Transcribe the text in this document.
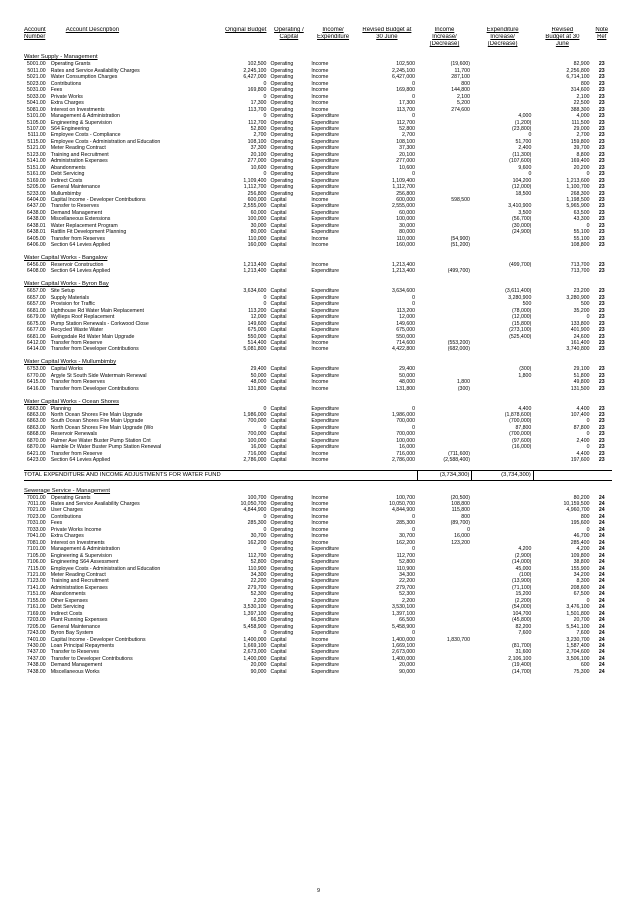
Account	Account Description	Original Budget	Operating /	Income/	Revised Budget at	Income	Expenditure	Revised	Note
Number			Capital	Expenditure	30 June	Increase/	Increase/	Budget at 30	Ref
						(Decrease)	(Decrease)	June	

Water Supply - Management									
5001.00	Operating Grants	102,500	Operating	Income	102,500	(19,600)		82,900	23
5011.00	Rates and Service Availability Charges	2,245,100	Operating	Income	2,245,100	11,700		2,256,800	23
5021.00	Water Consumption Charges	6,427,000	Operating	Income	6,427,000	287,100		6,714,100	23
5023.00	Contributions	0	Operating	Income	0	800		800	23
5031.00	Fees	169,800	Operating	Income	169,800	144,800		314,600	23
5033.00	Private Works	0	Operating	Income	0	2,100		2,100	23
5041.00	Extra Charges	17,300	Operating	Income	17,300	5,200		22,500	23
5081.00	Interest on Investments	113,700	Operating	Income	113,700	274,600		388,300	23
5101.00	Management & Administration	0	Operating	Expenditure	0		4,000	4,000	23
5105.00	Engineering & Supervision	112,700	Operating	Expenditure	112,700		(1,200)	111,500	23
5107.00	S64 Engineering	52,800	Operating	Expenditure	52,800		(23,800)	29,000	23
5111.00	Employee Costs - Compliance	2,700	Operating	Expenditure	2,700		0	2,700	23
5115.00	Employee Costs - Administration and Education	108,100	Operating	Expenditure	108,100		51,700	159,800	23
5121.00	Meter Reading Contract	37,300	Operating	Expenditure	37,300		2,400	39,700	23
5123.00	Training and Recruitment	20,100	Operating	Expenditure	20,100		(11,300)	8,800	23
5141.00	Administration Expenses	277,000	Operating	Expenditure	277,000		(107,600)	169,400	23
5151.00	Abandonments	10,600	Operating	Expenditure	10,600		9,600	20,200	23
5161.00	Debt Servicing	0	Operating	Expenditure	0		0	0	23
5169.00	Indirect Costs	1,109,400	Operating	Expenditure	1,109,400		104,200	1,213,600	23
5205.00	General Maintenance	1,112,700	Operating	Expenditure	1,112,700		(12,000)	1,100,700	23
5233.00	Mullumbimby	256,800	Operating	Expenditure	256,800		18,500	268,300	23
6404.00	Capital Income - Developer Contributions	600,000	Capital	Income	600,000	598,500		1,198,500	23
6437.00	Transfer to Reserves	2,555,000	Capital	Expenditure	2,555,000		3,410,900	5,965,900	23
6438.00	Demand Management	60,000	Capital	Expenditure	60,000		3,500	63,500	23
6438.00	Miscellaneous Extensions	100,000	Capital	Expenditure	100,000		(56,700)	43,300	23
6438.01	Water Replacement Program	30,000	Capital	Expenditure	30,000		(30,000)	0	23
6438.01	Rattlin Fit Development Planning	80,000	Capital	Expenditure	80,000		(24,900)	55,100	23
6405.00	Transfer from Reserves	110,000	Capital	Income	110,000	(54,900)		55,100	23
6406.00	Section 64 Levies Applied	160,000	Capital	Income	160,000	(51,200)		108,800	23

Water Capital Works - Bangalow									
6456.00	Reservoir Construction	1,213,400	Capital	Income	1,213,400		(499,700)	713,700	23
6408.00	Section 64 Levies Applied	1,213,400	Capital	Expenditure	1,213,400	(499,700)		713,700	23

Water Capital Works - Byron Bay									
6657.00	Site Setup	3,634,600	Capital	Expenditure	3,634,600		(3,611,400)	23,200	23
6657.00	Supply Materials	0	Capital	Expenditure	0		3,280,900	3,280,900	23
6657.00	Provision for Traffic	0	Capital	Expenditure	0		500	500	23
6681.00	Lighthouse Rd Water Main Replacement	113,200	Capital	Expenditure	113,200		(78,000)	35,200	23
6679.00	Wyllieps Roof Replacement	12,000	Capital	Expenditure	12,000		(12,000)	0	23
6675.00	Pump Station Renewals - Corkwood Close	149,600	Capital	Expenditure	149,600		(15,800)	133,800	23
6677.00	Recycled Waste Water	675,000	Capital	Expenditure	675,000		(273,100)	401,900	23
6681.00	Ewingsdale Rd Water Main Upgrade	550,000	Capital	Expenditure	550,000		(525,400)	24,600	23
6412.00	Transfer from Reserve	514,400	Capital	Income	714,600	(553,200)		161,400	23
6414.00	Transfer from Developer Contributions	5,081,800	Capital	Income	4,422,800	(682,000)		3,740,800	23

Water Capital Works - Mullumbimby									
6753.00	Capital Works	29,400	Capital	Expenditure	29,400		(300)	29,100	23
6770.00	Argyle St South Side Watermain Renewal	50,000	Capital	Expenditure	50,000		1,800	51,800	23
6415.00	Transfer from Reserves	48,000	Capital	Income	48,000	1,800		49,800	23
6416.00	Transfer from Developer Contributions	131,800	Capital	Income	131,800	(300)		131,500	23

Water Capital Works - Ocean Shores									
6863.00	Planning	0	Capital	Expenditure	0		4,400	4,400	23
6863.00	North Ocean Shores Fire Main Upgrade	1,986,000	Capital	Expenditure	1,986,000		(1,878,600)	107,400	23
6863.00	South Ocean Shores Fire Main Upgrade	700,000	Capital	Expenditure	700,000		(700,000)	0	23
6863.00	North Ocean Shores Fire Main Upgrade (Wo	0	Capital	Expenditure	0		87,800	87,800	23
6868.00	Reservoir Renewals	700,000	Capital	Expenditure	700,000		(700,000)	0	23
6870.00	Palmer Ave Water Buster Pump Station Cnt	100,000	Capital	Expenditure	100,000		(97,600)	2,400	23
6870.00	Hamble Dr Water Buster Pump Station Renewal	16,000	Capital	Expenditure	16,000		(16,000)	0	23
6421.00	Transfer from Reserve	716,000	Capital	Income	716,000	(711,600)		4,400	23
6423.00	Section 64 Levies Applied	2,786,000	Capital	Income	2,786,000	(2,588,400)		197,600	23

TOTAL EXPENDITURE AND INCOME ADJUSTMENTS FOR WATER FUND						(3,734,300)	(3,734,300)		

Sewerage Service - Management									
7001.00	Operating Grants	100,700	Operating	Income	100,700	(20,500)		80,200	24
7011.00	Rates and Service Availability Charges	10,050,700	Operating	Income	10,050,700	108,800		10,159,500	24
7021.00	User Charges	4,844,900	Operating	Income	4,844,900	115,800		4,960,700	24
7023.00	Contributions	0	Operating	Income	0	800		800	24
7031.00	Fees	285,300	Operating	Income	285,300	(89,700)		195,600	24
7033.00	Private Works Income	0	Operating	Income	0	0		0	24
7041.00	Extra Charges	30,700	Operating	Income	30,700	16,000		46,700	24
7081.00	Interest on Investments	162,200	Operating	Income	162,200	123,200		285,400	24
7101.00	Management & Administration	0	Operating	Expenditure	0		4,200	4,200	24
7105.00	Engineering & Supervision	112,700	Operating	Expenditure	112,700		(2,900)	109,800	24
7106.00	Engineering S64 Assessment	52,800	Operating	Expenditure	52,800		(14,000)	38,800	24
7115.00	Employee Costs - Administration and Education	110,900	Operating	Expenditure	110,900		45,000	155,900	24
7121.00	Meter Reading Contract	34,300	Operating	Expenditure	34,300		(100)	34,200	24
7123.00	Training and Recruitment	22,200	Operating	Expenditure	22,200		(13,900)	8,300	24
7141.00	Administration Expenses	279,700	Operating	Expenditure	279,700		(71,100)	208,600	24
7151.00	Abandonments	52,300	Operating	Expenditure	52,300		15,200	67,500	24
7155.00	Other Expenses	2,200	Operating	Expenditure	2,200		(2,200)	0	24
7161.00	Debt Servicing	3,530,100	Operating	Expenditure	3,530,100		(54,000)	3,476,100	24
7169.00	Indirect Costs	1,397,100	Operating	Expenditure	1,397,100		104,700	1,501,800	24
7203.00	Plant Running Expenses	66,500	Operating	Expenditure	66,500		(45,800)	20,700	24
7205.00	General Maintenance	5,458,900	Operating	Expenditure	5,458,900		82,200	5,541,100	24
7243.00	Byron Bay System	0	Operating	Expenditure	0		7,600	7,600	24
7401.00	Capital Income - Developer Contributions	1,400,000	Capital	Income	1,400,000	1,830,700		3,230,700	24
7430.00	Loan Principal Repayments	1,669,100	Capital	Expenditure	1,669,100		(81,700)	1,587,400	24
7437.00	Transfer to Reserves	2,673,000	Capital	Expenditure	2,673,000		31,600	2,704,600	24
7437.00	Transfer to Developer Contributions	1,400,000	Capital	Expenditure	1,400,000		2,106,100	3,506,100	24
7438.00	Demand Management	20,000	Capital	Expenditure	20,000		(19,400)	600	24
7438.00	Miscellaneous Works	90,000	Capital	Expenditure	90,000		(14,700)	75,300	24
9
